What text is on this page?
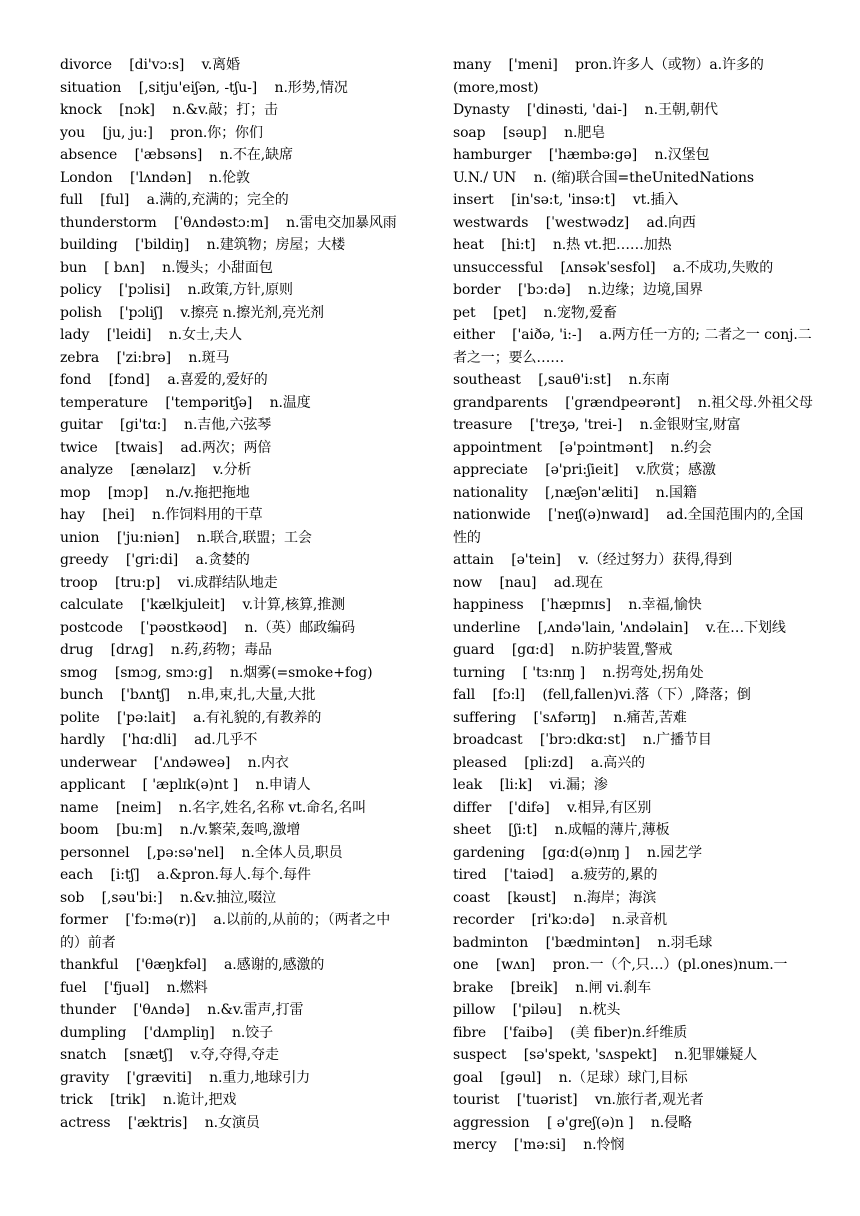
divorce    [di'vɔ:s]    v.离婚
situation    [,sitju'eiʃən, -tʃu-]    n.形势,情况
knock    [nɔk]    n.&v.敲；打；击
you    [ju, ju:]    pron.你；你们
absence    ['æbsəns]    n.不在,缺席
London    ['lʌndən]    n.伦敦
full    [ful]    a.满的,充满的；完全的
thunderstorm    [ˈθʌndəstɔ:m]    n.雷电交加暴风雨
building    ['bildiŋ]    n.建筑物；房屋；大楼
bun    [ bʌn]    n.馒头；小甜面包
policy    ['pɔlisi]    n.政策,方针,原则
polish    ['pɔliʃ]    v.擦亮 n.擦光剂,亮光剂
lady    ['leidi]    n.女士,夫人
zebra    ['zi:brə]    n.斑马
fond    [fɔnd]    a.喜爱的,爱好的
temperature    ['tempəritʃə]    n.温度
guitar    [gi'tɑ:]    n.吉他,六弦琴
twice    [twais]    ad.两次；两倍
analyze    [ænəlaɪz]    v.分析
mop    [mɔp]    n./v.拖把拖地
hay    [hei]    n.作饲料用的干草
union    ['ju:niən]    n.联合,联盟；工会
greedy    ['gri:di]    a.贪婪的
troop    [tru:p]    vi.成群结队地走
calculate    ['kælkjuleit]    v.计算,核算,推测
postcode    [ˈpəʊstkəʊd]    n.（英）邮政编码
drug    [drʌg]    n.药,药物；毒品
smog    [smɔg, smɔ:g]    n.烟雾(=smoke+fog)
bunch    ['bʌntʃ]    n.串,束,扎,大量,大批
polite    ['pə:lait]    a.有礼貌的,有教养的
hardly    ['hɑ:dli]    ad.几乎不
underwear    ['ʌndəweə]    n.内衣
applicant    [ 'æplɪk(ə)nt ]    n.申请人
name    [neim]    n.名字,姓名,名称 vt.命名,名叫
boom    [bu:m]    n./v.繁荣,轰鸣,激增
personnel    [,pə:sə'nel]    n.全体人员,职员
each    [i:tʃ]    a.&pron.每人.每个.每件
sob    [,səu'bi:]    n.&v.抽泣,啜泣
former    [ˈfɔ:mə(r)]    a.以前的,从前的；（两者之中的）前者
thankful    ['θæŋkfəl]    a.感谢的,感激的
fuel    ['fjuəl]    n.燃料
thunder    ['θʌndə]    n.&v.雷声,打雷
dumpling    ['dʌmpliŋ]    n.饺子
snatch    [snætʃ]    v.夺,夺得,夺走
gravity    ['græviti]    n.重力,地球引力
trick    [trik]    n.诡计,把戏
actress    ['æktris]    n.女演员
many    ['meni]    pron.许多人（或物）a.许多的(more,most)
Dynasty    ['dinəsti, 'dai-]    n.王朝,朝代
soap    [səup]    n.肥皂
hamburger    ['hæmbə:gə]    n.汉堡包
U.N./ UN    n. (缩)联合国=theUnitedNations
insert    [in'sə:t, 'insə:t]    vt.插入
westwards    [ˈwestwədz]    ad.向西
heat    [hi:t]    n.热 vt.把……加热
unsuccessful    [ʌnsəkˈsesfol]    a.不成功,失败的
border    ['bɔ:də]    n.边缘；边境,国界
pet    [pet]    n.宠物,爱畜
either    ['aiðə, 'i:-]    a.两方任一方的; 二者之一 conj.二者之一；要么……
southeast    [,sauθ'i:st]    n.东南
grandparents    [ˈgrændpeərənt]    n.祖父母.外祖父母
treasure    ['treʒə, 'trei-]    n.金银财宝,财富
appointment    [ə'pɔintmənt]    n.约会
appreciate    [ə'pri:ʃieit]    v.欣赏；感激
nationality    [,næʃən'æliti]    n.国籍
nationwide    [ˈneɪʃ(ə)nwaɪd]    ad.全国范围内的,全国性的
attain    [ə'tein]    v.（经过努力）获得,得到
now    [nau]    ad.现在
happiness    [ˈhæpɪnɪs]    n.幸福,愉快
underline    [,ʌndə'lain, 'ʌndəlain]    v.在…下划线
guard    [gɑ:d]    n.防护装置,警戒
turning    [ 'tɜ:nɪŋ ]    n.拐弯处,拐角处
fall    [fɔ:l]    (fell,fallen)vi.落（下）,降落；倒
suffering    [ˈsʌfərɪŋ]    n.痛苦,苦难
broadcast    [ˈbrɔ:dkɑ:st]    n.广播节目
pleased    [pli:zd]    a.高兴的
leak    [li:k]    vi.漏；渗
differ    ['difə]    v.相异,有区别
sheet    [ʃi:t]    n.成幅的薄片,薄板
gardening    [gɑ:d(ə)nɪŋ ]    n.园艺学
tired    ['taiəd]    a.疲劳的,累的
coast    [kəust]    n.海岸；海滨
recorder    [ri'kɔ:də]    n.录音机
badminton    ['bædmintən]    n.羽毛球
one    [wʌn]    pron.一（个,只…）(pl.ones)num.一
brake    [breik]    n.闸 vi.刹车
pillow    ['piləu]    n.枕头
fibre    ['faibə]    (美 fiber)n.纤维质
suspect    [sə'spekt, 'sʌspekt]    n.犯罪嫌疑人
goal    [gəul]    n.（足球）球门,目标
tourist    ['tuərist]    vn.旅行者,观光者
aggression    [ ə'greʃ(ə)n ]    n.侵略
mercy    ['mə:si]    n.怜悯
